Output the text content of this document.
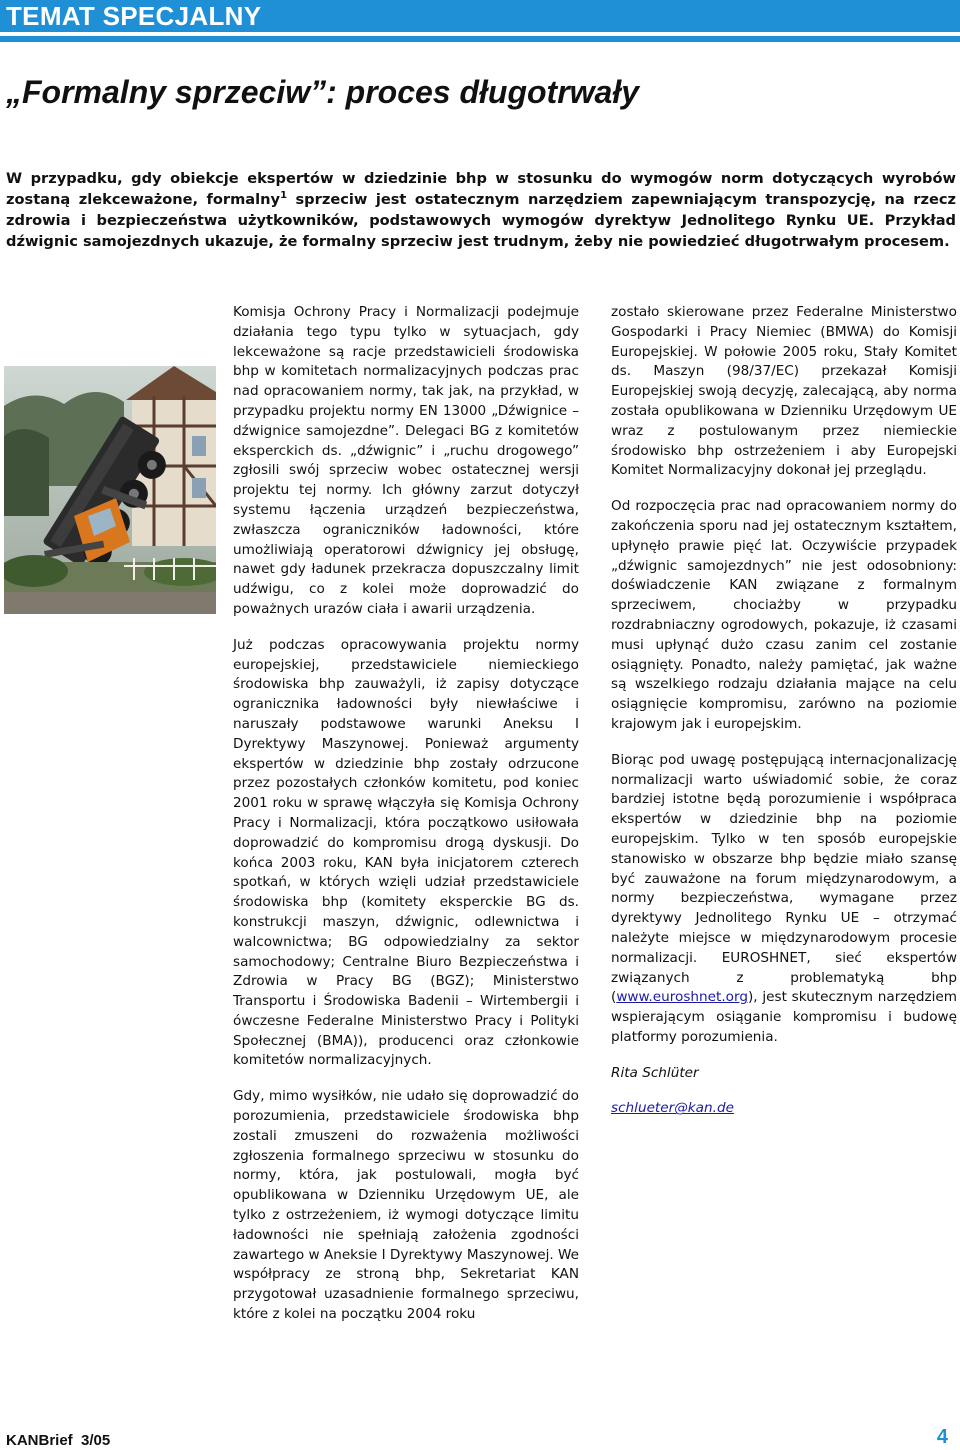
TEMAT SPECJALNY
„Formalny sprzeciw”: proces długotrwały
W przypadku, gdy obiekcje ekspertów w dziedzinie bhp w stosunku do wymogów norm dotyczących wyrobów zostaną zlekceważone, formalny$^1$ sprzeciw jest ostatecznym narzędziem zapewniającym transpozycję, na rzecz zdrowia i bezpieczeństwa użytkowników, podstawowych wymogów dyrektyw Jednolitego Rynku UE. Przykład dźwignic samojezdnych ukazuje, że formalny sprzeciw jest trudnym, żeby nie powiedzieć długotrwałym procesem.

Komisja Ochrony Pracy i Normalizacji podejmuje działania tego typu tylko w sytuacjach, gdy lekceważone są racje przedstawicieli środowiska bhp w komitetach normalizacyjnych podczas prac nad opracowaniem normy, tak jak, na przykład, w przypadku projektu normy EN 13000 „Dźwignice – dźwignice samojezdne”. Delegaci BG z komitetów eksperckich ds. „dźwignic” i „ruchu drogowego” zgłosili swój sprzeciw wobec ostatecznej wersji projektu tej normy. Ich główny zarzut dotyczył systemu łączenia urządzeń bezpieczeństwa, zwłaszcza ograniczników ładowności, które umożliwiają operatorowi dźwignicy jej obsługę, nawet gdy ładunek przekracza dopuszczalny limit udźwigu, co z kolei może doprowadzić do poważnych urazów ciała i awarii urządzenia.

Już podczas opracowywania projektu normy europejskiej, przedstawiciele niemieckiego środowiska bhp zauważyli, iż zapisy dotyczące ogranicznika ładowności były niewłaściwe i naruszały podstawowe warunki Aneksu I Dyrektywy Maszynowej. Ponieważ argumenty ekspertów w dziedzinie bhp zostały odrzucone przez pozostałych członków komitetu, pod koniec 2001 roku w sprawę włączyła się Komisja Ochrony Pracy i Normalizacji, która początkowo usiłowała doprowadzić do kompromisu drogą dyskusji. Do końca 2003 roku, KAN była inicjatorem czterech spotkań, w których wzięli udział przedstawiciele środowiska bhp (komitety eksperckie BG ds. konstrukcji maszyn, dźwignic, odlewnictwa i walcownictwa; BG odpowiedzialny za sektor samochodowy; Centralne Biuro Bezpieczeństwa i Zdrowia w Pracy BG (BGZ); Ministerstwo Transportu i Środowiska Badenii – Wirtembergii i ówczesne Federalne Ministerstwo Pracy i Polityki Społecznej (BMA)), producenci oraz członkowie komitetów normalizacyjnych.

Gdy, mimo wysiłków, nie udało się doprowadzić do porozumienia, przedstawiciele środowiska bhp zostali zmuszeni do rozważenia możliwości zgłoszenia formalnego sprzeciwu w stosunku do normy, która, jak postulowali, mogła być opublikowana w Dzienniku Urzędowym UE, ale tylko z ostrzeżeniem, iż wymogi dotyczące limitu ładowności nie spełniają założenia zgodności zawartego w Aneksie I Dyrektywy Maszynowej. We współpracy ze stroną bhp, Sekretariat KAN przygotował uzasadnienie formalnego sprzeciwu, które z kolei na początku 2004 roku

zostało skierowane przez Federalne Ministerstwo Gospodarki i Pracy Niemiec (BMWA) do Komisji Europejskiej. W połowie 2005 roku, Stały Komitet ds. Maszyn (98/37/EC) przekazał Komisji Europejskiej swoją decyzję, zalecającą, aby norma została opublikowana w Dzienniku Urzędowym UE wraz z postulowanym przez niemieckie środowisko bhp ostrzeżeniem i aby Europejski Komitet Normalizacyjny dokonał jej przeglądu.

Od rozpoczęcia prac nad opracowaniem normy do zakończenia sporu nad jej ostatecznym kształtem, upłynęło prawie pięć lat. Oczywiście przypadek „dźwignic samojezdnych” nie jest odosobniony: doświadczenie KAN związane z formalnym sprzeciwem, chociażby w przypadku rozdrabniaczny ogrodowych, pokazuje, iż czasami musi upłynąć dużo czasu zanim cel zostanie osiągnięty. Ponadto, należy pamiętać, jak ważne są wszelkiego rodzaju działania mające na celu osiągnięcie kompromisu, zarówno na poziomie krajowym jak i europejskim.

Biorąc pod uwagę postępującą internacjonalizację normalizacji warto uświadomić sobie, że coraz bardziej istotne będą porozumienie i współpraca ekspertów w dziedzinie bhp na poziomie europejskim. Tylko w ten sposób europejskie stanowisko w obszarze bhp będzie miało szansę być zauważone na forum międzynarodowym, a normy bezpieczeństwa, wymagane przez dyrektywy Jednolitego Rynku UE – otrzymać należyte miejsce w międzynarodowym procesie normalizacji. EUROSHNET, sieć ekspertów związanych z problematyką bhp (www.euroshnet.org), jest skutecznym narzędziem wspierającym osiąganie kompromisu i budowę platformy porozumienia.

Rita Schlüter

schlueter@kan.de

KANBrief  3/05	4
